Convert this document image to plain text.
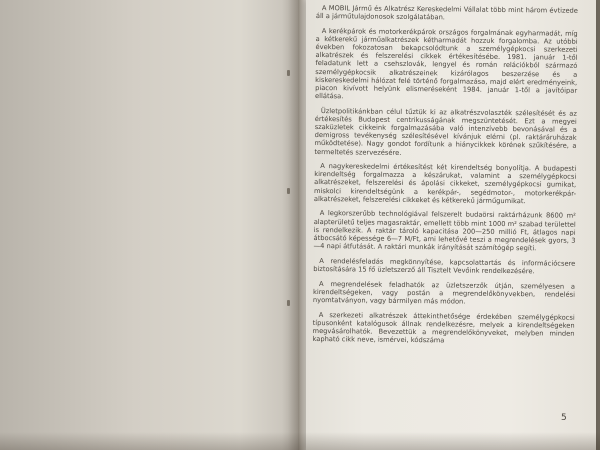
A MOBIL Jármű és Alkatrész Kereskedelmi Vállalat több mint három évtizede áll a járműtulajdonosok szolgálatában.

A kerékpárok és motorkerékpárok országos forgalmának egyharmadát, míg a kétkerekű járműalkatrészek kétharmadát hozzuk forgalomba. Az utóbbi években fokozatosan bekapcsolódtunk a személygépkocsi szerkezeti alkatrészek és felszerelési cikkek értékesítésébe. 1981. január 1-től feladatunk lett a csehszlovák, lengyel és román relációkból származó személygépkocsik alkatrészeinek kizárólagos beszerzése és a kiskereskedelmi hálózat felé történő forgalmazása, majd elért eredményeink, piacon kivívott helyünk elismeréseként 1984. január 1-től a javítóipar ellátása.

Üzletpolitikánkban célul tűztük ki az alkatrészvolaszték szélesítését és az értékesítés Budapest centrikusságának megszüntetését. Ezt a megyei szaküzletek cikkeink forgalmazásába való intenzívebb bevonásával és a demigross tevékenység szélesítésével kívánjuk elérni (pl. raktáráruházak működtetése). Nagy gondot fordítunk a hiánycikkek körének szűkítésére, a termeltetés szervezésére.

A nagykereskedelmi értékesítést két kirendeltség bonyolítja. A budapesti kirendeltség forgalmazza a készárukat, valamint a személygépkocsi alkatrészeket, felszerelési és ápolási cikkeket, személygépkocsi gumikat, miskolci kirendeltségünk a kerékpár-, segédmotor-, motorkerékpár-alkatrészeket, felszerelési cikkeket és kétkerekű járműgumikat.

A legkorszerűbb technológiával felszerelt budaörsi raktárházunk 8600 m² alapterületű teljes magasraktár, emellett több mint 1000 m² szabad területtel is rendelkezik. A raktár tároló kapacitása 200—250 millió Ft, átlagos napi átbocsátó képessége 6—7 M/Ft, ami lehetővé teszi a megrendelések gyors, 3—4 napi átfutását. A raktári munkák irányítását számítógép segíti.

A rendelésfeladás megkönnyítése, kapcsolattartás és információcsere biztosítására 15 fő üzletszerző áll Tisztelt Vevőink rendelkezésére.

A megrendelések feladhatók az üzletszerzők útján, személyesen a kirendeltségeken, vagy postán a megrendelőkönyvekben, rendelési nyomtatványon, vagy bármilyen más módon.

A szerkezeti alkatrészek áttekinthetősége érdekében személygépkocsi típusonként katalógusok állnak rendelkezésre, melyek a kirendeltségeken megvásárolhatók. Bevezettük a megrendelőkönyveket, melyben minden kapható cikk neve, ismérvei, kódszáma

5
